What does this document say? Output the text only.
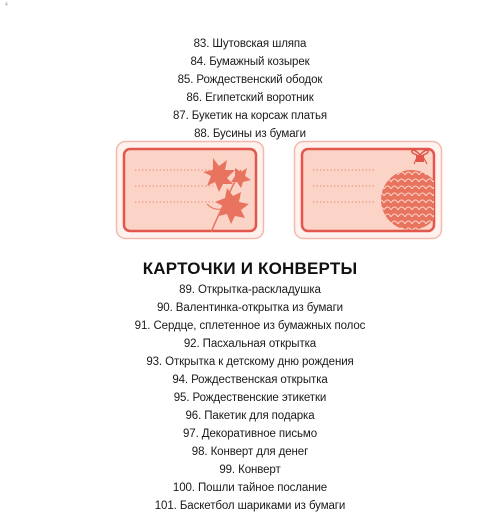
4
83. Шутовская шляпа
84. Бумажный козырек
85. Рождественский ободок
86. Египетский воротник
87. Букетик на корсаж платья
88. Бусины из бумаги
КАРТОЧКИ И КОНВЕРТЫ
89. Открытка-раскладушка
90. Валентинка-открытка из бумаги
91. Сердце, сплетенное из бумажных полос
92. Пасхальная открытка
93. Открытка к детскому дню рождения
94. Рождественская открытка
95. Рождественские этикетки
96. Пакетик для подарка
97. Декоративное письмо
98. Конверт для денег
99. Конверт
100. Пошли тайное послание
101. Баскетбол шариками из бумаги
